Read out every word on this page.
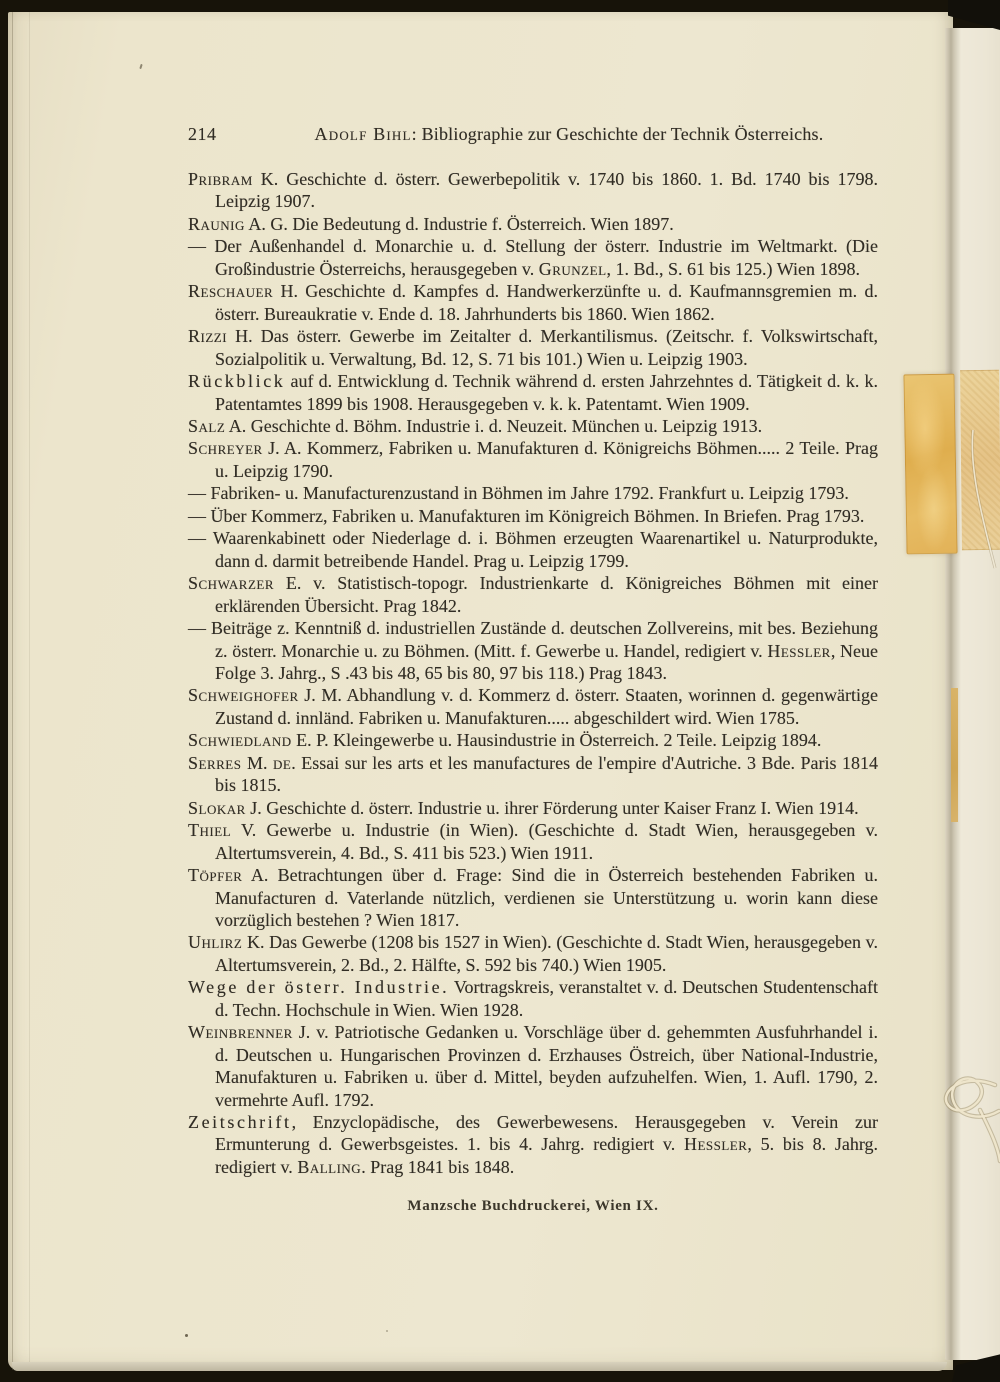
214	Adolf Bihl: Bibliographie zur Geschichte der Technik Österreichs.

Pribram K. Geschichte d. österr. Gewerbepolitik v. 1740 bis 1860. 1. Bd. 1740 bis 1798. Leipzig 1907.

Raunig A. G. Die Bedeutung d. Industrie f. Österreich. Wien 1897.

— Der Außenhandel d. Monarchie u. d. Stellung der österr. Industrie im Weltmarkt. (Die Großindustrie Österreichs, herausgegeben v. Grunzel, 1. Bd., S. 61 bis 125.) Wien 1898.

Reschauer H. Geschichte d. Kampfes d. Handwerkerzünfte u. d. Kaufmannsgremien m. d. österr. Bureaukratie v. Ende d. 18. Jahrhunderts bis 1860. Wien 1862.

Rizzi H. Das österr. Gewerbe im Zeitalter d. Merkantilismus. (Zeitschr. f. Volkswirtschaft, Sozialpolitik u. Verwaltung, Bd. 12, S. 71 bis 101.) Wien u. Leipzig 1903.

Rückblick auf d. Entwicklung d. Technik während d. ersten Jahrzehntes d. Tätigkeit d. k. k. Patentamtes 1899 bis 1908. Herausgegeben v. k. k. Patentamt. Wien 1909.

Salz A. Geschichte d. Böhm. Industrie i. d. Neuzeit. München u. Leipzig 1913.

Schreyer J. A. Kommerz, Fabriken u. Manufakturen d. Königreichs Böhmen..... 2 Teile. Prag u. Leipzig 1790.

— Fabriken- u. Manufacturenzustand in Böhmen im Jahre 1792. Frankfurt u. Leipzig 1793.

— Über Kommerz, Fabriken u. Manufakturen im Königreich Böhmen. In Briefen. Prag 1793.

— Waarenkabinett oder Niederlage d. i. Böhmen erzeugten Waarenartikel u. Naturprodukte, dann d. darmit betreibende Handel. Prag u. Leipzig 1799.

Schwarzer E. v. Statistisch-topogr. Industrienkarte d. Königreiches Böhmen mit einer erklärenden Übersicht. Prag 1842.

— Beiträge z. Kenntniß d. industriellen Zustände d. deutschen Zollvereins, mit bes. Beziehung z. österr. Monarchie u. zu Böhmen. (Mitt. f. Gewerbe u. Handel, redigiert v. Hessler, Neue Folge 3. Jahrg., S .43 bis 48, 65 bis 80, 97 bis 118.) Prag 1843.

Schweighofer J. M. Abhandlung v. d. Kommerz d. österr. Staaten, worinnen d. gegenwärtige Zustand d. innländ. Fabriken u. Manufakturen..... abgeschildert wird. Wien 1785.

Schwiedland E. P. Kleingewerbe u. Hausindustrie in Österreich. 2 Teile. Leipzig 1894.

Serres M. de. Essai sur les arts et les manufactures de l'empire d'Autriche. 3 Bde. Paris 1814 bis 1815.

Slokar J. Geschichte d. österr. Industrie u. ihrer Förderung unter Kaiser Franz I. Wien 1914.

Thiel V. Gewerbe u. Industrie (in Wien). (Geschichte d. Stadt Wien, herausgegeben v. Altertumsverein, 4. Bd., S. 411 bis 523.) Wien 1911.

Töpfer A. Betrachtungen über d. Frage: Sind die in Österreich bestehenden Fabriken u. Manufacturen d. Vaterlande nützlich, verdienen sie Unterstützung u. worin kann diese vorzüglich bestehen ? Wien 1817.

Uhlirz K. Das Gewerbe (1208 bis 1527 in Wien). (Geschichte d. Stadt Wien, herausgegeben v. Altertumsverein, 2. Bd., 2. Hälfte, S. 592 bis 740.) Wien 1905.

Wege der österr. Industrie. Vortragskreis, veranstaltet v. d. Deutschen Studentenschaft d. Techn. Hochschule in Wien. Wien 1928.

Weinbrenner J. v. Patriotische Gedanken u. Vorschläge über d. gehemmten Ausfuhrhandel i. d. Deutschen u. Hungarischen Provinzen d. Erzhauses Östreich, über National-Industrie, Manufakturen u. Fabriken u. über d. Mittel, beyden aufzuhelfen. Wien, 1. Aufl. 1790, 2. vermehrte Aufl. 1792.

Zeitschrift, Enzyclopädische, des Gewerbewesens. Herausgegeben v. Verein zur Ermunterung d. Gewerbsgeistes. 1. bis 4. Jahrg. redigiert v. Hessler, 5. bis 8. Jahrg. redigiert v. Balling. Prag 1841 bis 1848.

Manzsche Buchdruckerei, Wien IX.
